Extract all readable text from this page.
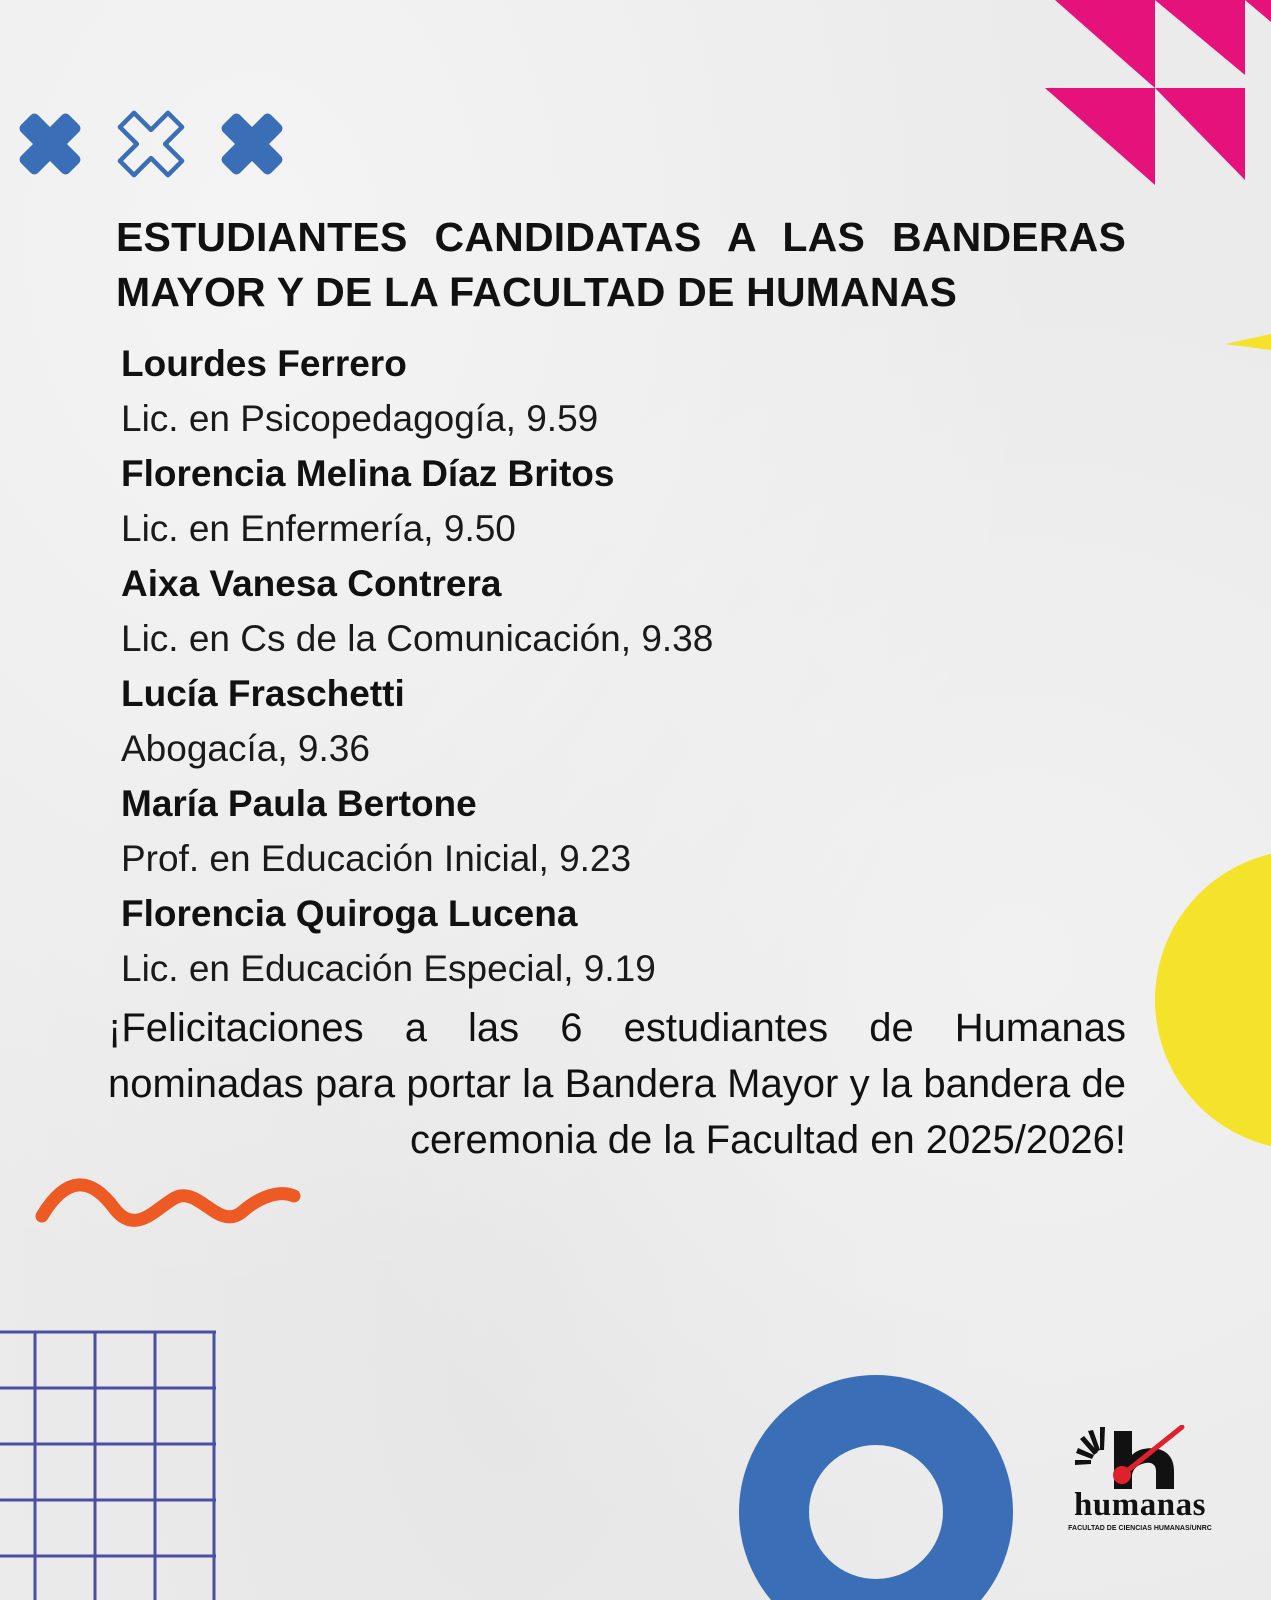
ESTUDIANTES CANDIDATAS A LAS BANDERAS MAYOR Y DE LA FACULTAD DE HUMANAS
Lourdes Ferrero
Lic. en Psicopedagogía, 9.59
Florencia Melina Díaz Britos
Lic. en Enfermería, 9.50
Aixa Vanesa Contrera
Lic. en Cs de la Comunicación, 9.38
Lucía Fraschetti
Abogacía, 9.36
María Paula Bertone
Prof. en Educación Inicial, 9.23
Florencia Quiroga Lucena
Lic. en Educación Especial, 9.19

¡Felicitaciones a las 6 estudiantes de Humanas nominadas para portar la Bandera Mayor y la bandera de ceremonia de la Facultad en 2025/2026!

humanas
FACULTAD DE CIENCIAS HUMANAS/UNRC
